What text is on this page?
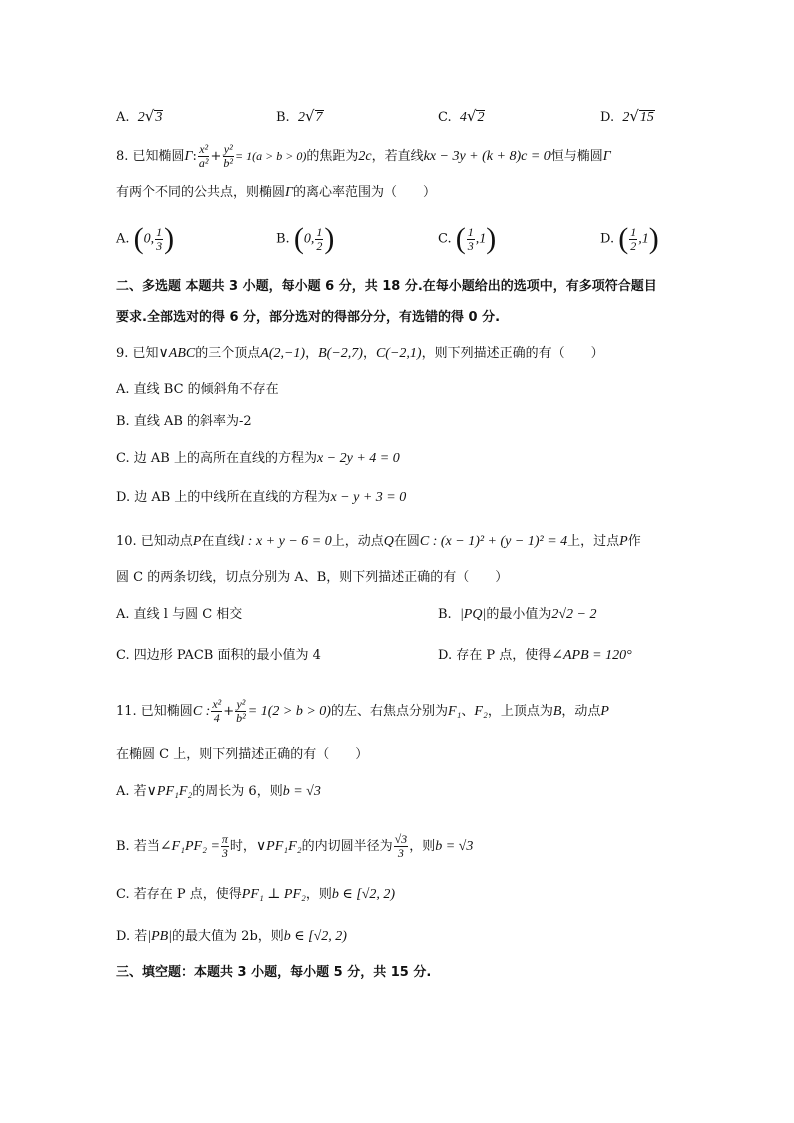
A. 2√3	B. 2√7	C. 4√2	D. 2√15
8. 已知椭圆Γ: $\frac{\text{x²}}{\text{a²}} + \frac{\text{y²}}{\text{b²}} = 1(a > b > 0)$的焦距为2c，若直线kx − 3y + (k + 8)c = 0恒与椭圆Γ
有两个不同的公共点，则椭圆Γ的离心率范围为（　　）
A. (0, $\frac{1}{3}$ )	B. (0, $\frac{1}{2}$ )	C. ( $\frac{1}{3} ,1$)	D. ( $\frac{1}{2} ,1$)
二、多选题 本题共 3 小题，每小题 6 分，共 18 分.在每小题给出的选项中，有多项符合题目
要求.全部选对的得 6 分，部分选对的得部分分，有选错的得 0 分.
9. 已知∨ABC的三个顶点A(2,−1)，B(−2,7)，C(−2,1)，则下列描述正确的有（　　）
A. 直线 BC 的倾斜角不存在
B. 直线 AB 的斜率为-2
C. 边 AB 上的高所在直线的方程为x − 2y + 4 = 0
D. 边 AB 上的中线所在直线的方程为x − y + 3 = 0
10. 已知动点P在直线l : x + y − 6 = 0上，动点Q在圆C : (x − 1)² + (y − 1)² = 4上，过点P作
圆 C 的两条切线，切点分别为 A、B，则下列描述正确的有（　　）
A. 直线 l 与圆 C 相交	B. |PQ|的最小值为2√2 − 2
C. 四边形 PACB 面积的最小值为 4	D. 存在 P 点，使得∠APB = 120°
11. 已知椭圆C : $\frac{\text{x²}}{4} + \frac{\text{y²}}{\text{b²}} = 1(2 > b > 0)$的左、右焦点分别为F₁、F₂，上顶点为B，动点P
在椭圆 C 上，则下列描述正确的有（　　）
A. 若∨PF₁F₂的周长为 6，则b = √3
B. 若当∠F₁PF₂ = $\frac{\pi}{3}$ 时，∨PF₁F₂的内切圆半径为 $\frac{√3}{3}$ ，则b = √3
C. 若存在 P 点，使得PF₁ ⊥ PF₂，则b ∈ [√2, 2)
D. 若|PB|的最大值为 2b，则b ∈ [√2, 2)
三、填空题：本题共 3 小题，每小题 5 分，共 15 分.
